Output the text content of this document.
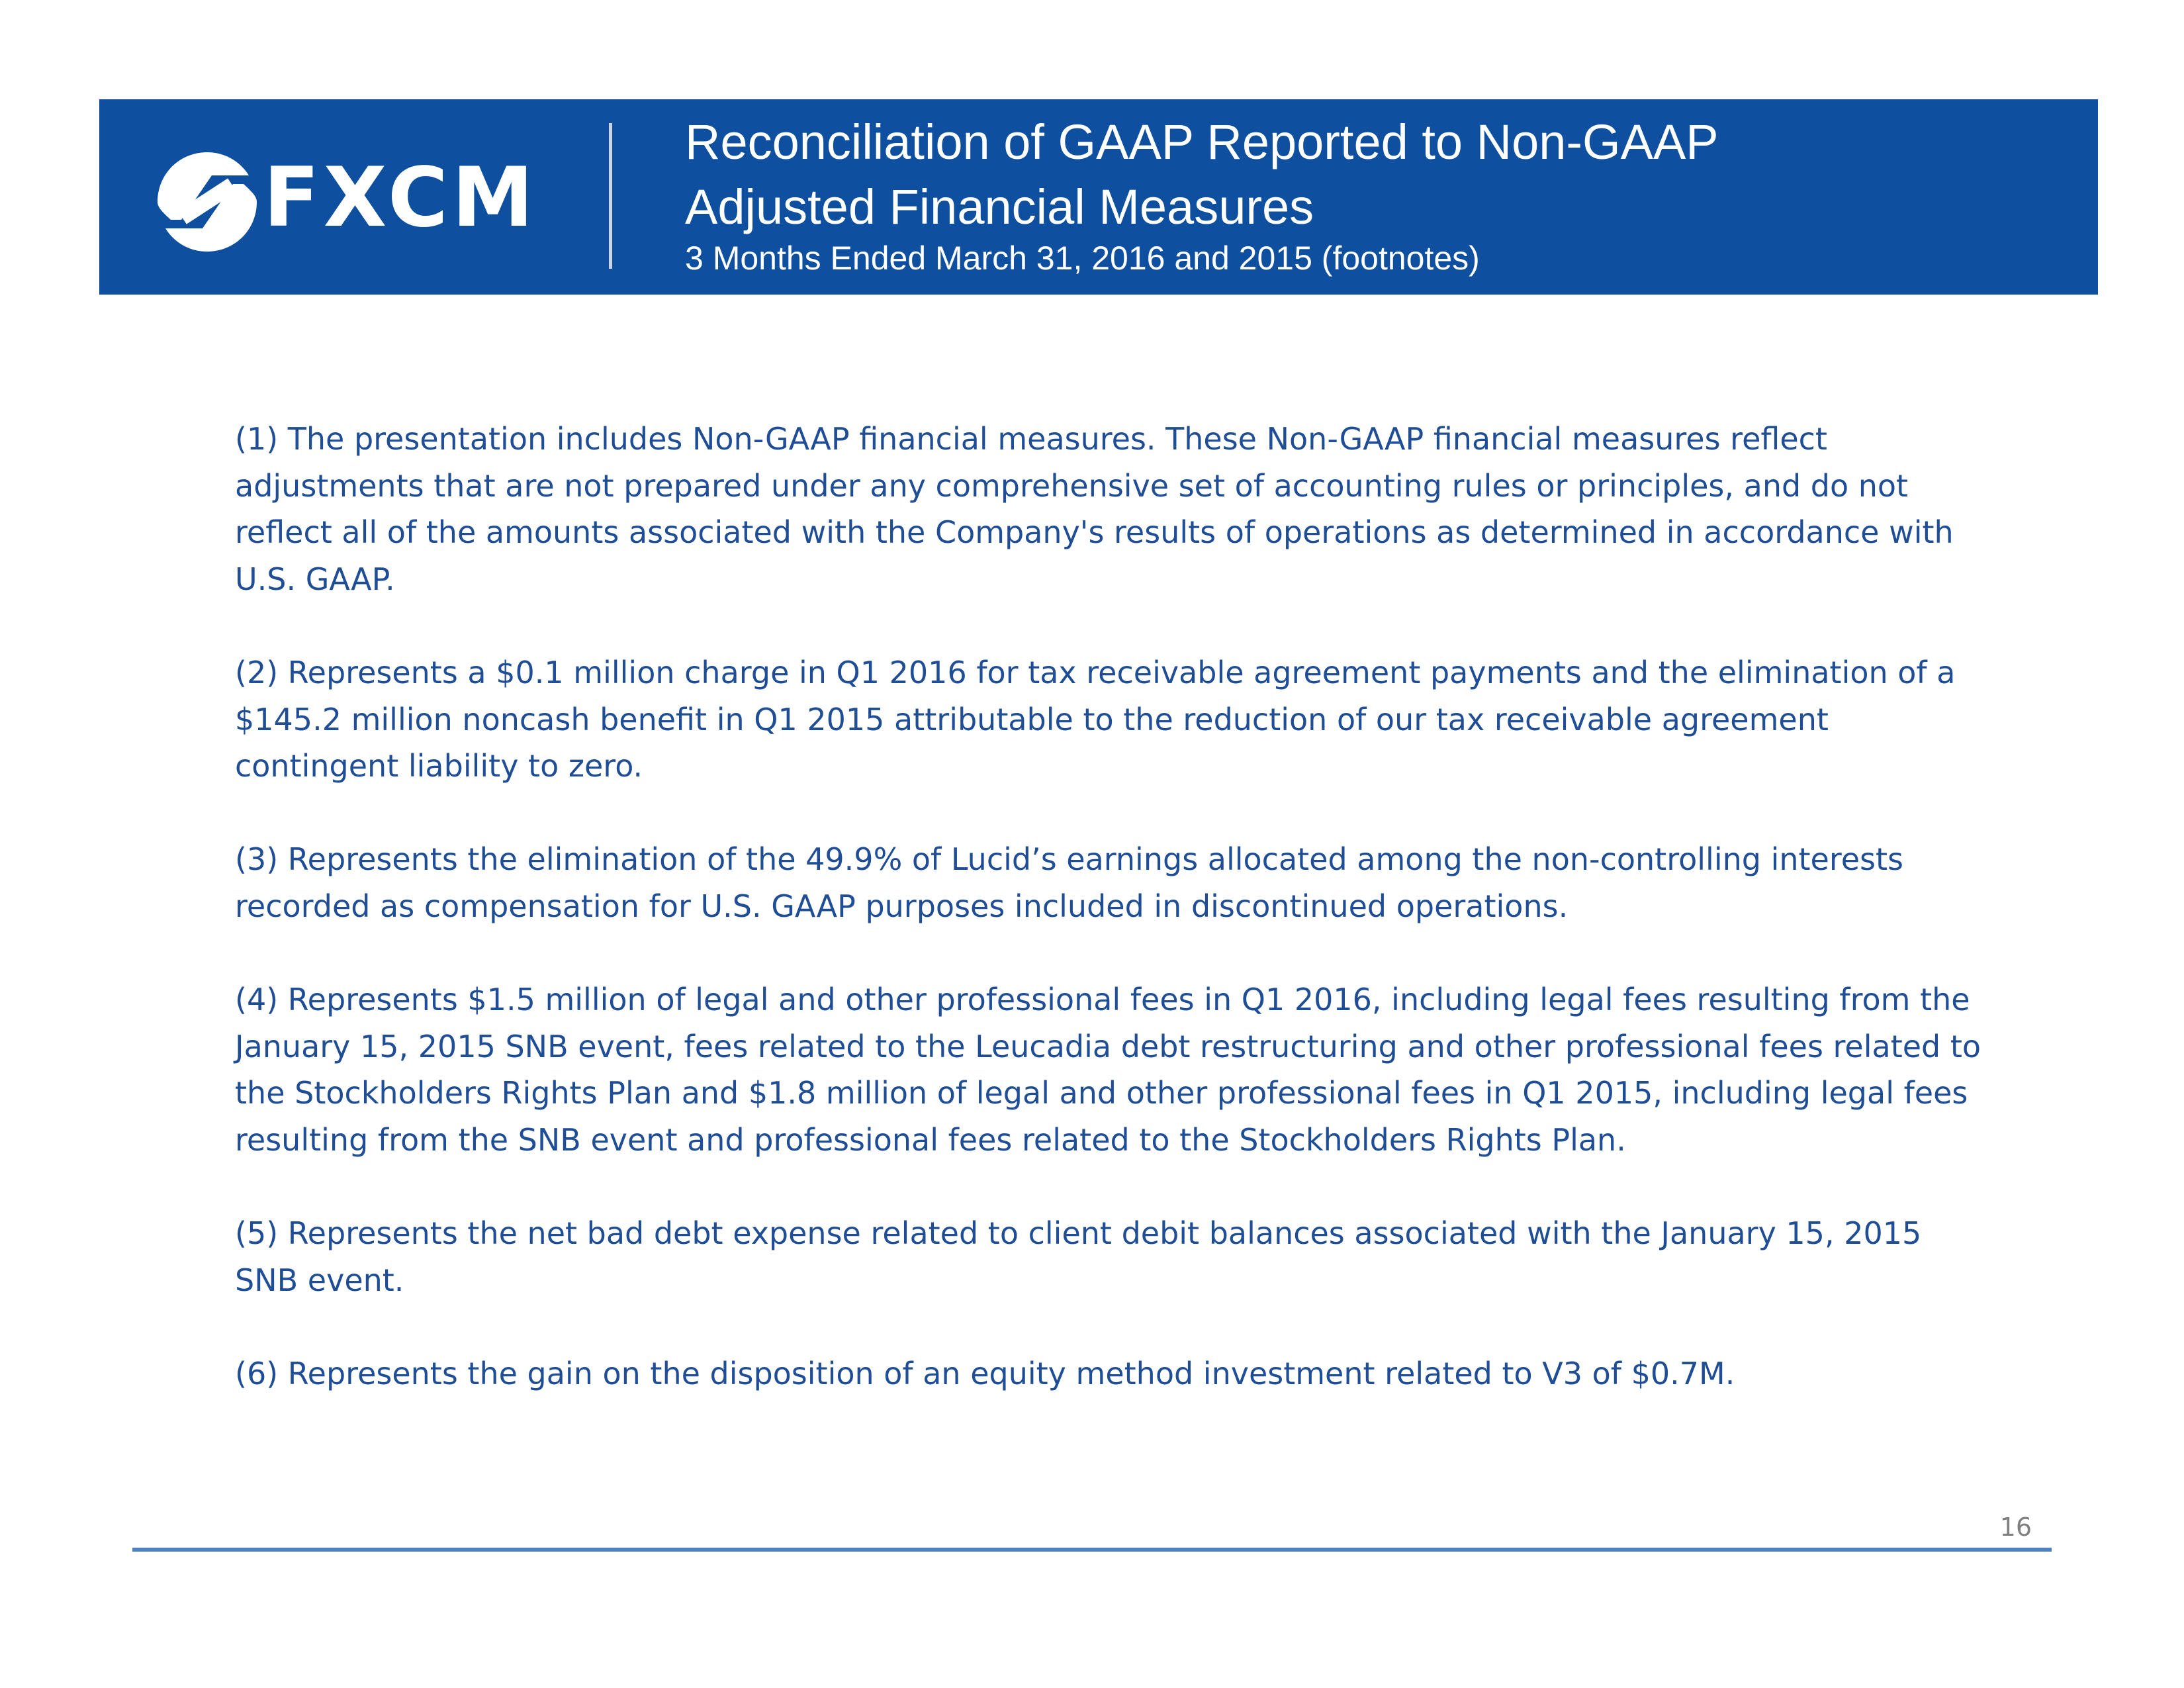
FXCM
Reconciliation of GAAP Reported to Non-GAAP
Adjusted Financial Measures

3 Months Ended March 31, 2016 and 2015 (footnotes)

(1) The presentation includes Non-GAAP financial measures. These Non-GAAP financial measures reflect adjustments that are not prepared under any comprehensive set of accounting rules or principles, and do not reflect all of the amounts associated with the Company's results of operations as determined in accordance with U.S. GAAP.

(2) Represents a $0.1 million charge in Q1 2016 for tax receivable agreement payments and the elimination of a $145.2 million noncash benefit in Q1 2015 attributable to the reduction of our tax receivable agreement contingent liability to zero.

(3) Represents the elimination of the 49.9% of Lucid’s earnings allocated among the non-controlling interests recorded as compensation for U.S. GAAP purposes included in discontinued operations.

(4) Represents $1.5 million of legal and other professional fees in Q1 2016, including legal fees resulting from the January 15, 2015 SNB event, fees related to the Leucadia debt restructuring and other professional fees related to the Stockholders Rights Plan and $1.8 million of legal and other professional fees in Q1 2015, including legal fees resulting from the SNB event and professional fees related to the Stockholders Rights Plan.

(5) Represents the net bad debt expense related to client debit balances associated with the January 15, 2015 SNB event.

(6) Represents the gain on the disposition of an equity method investment related to V3 of $0.7M.

16
